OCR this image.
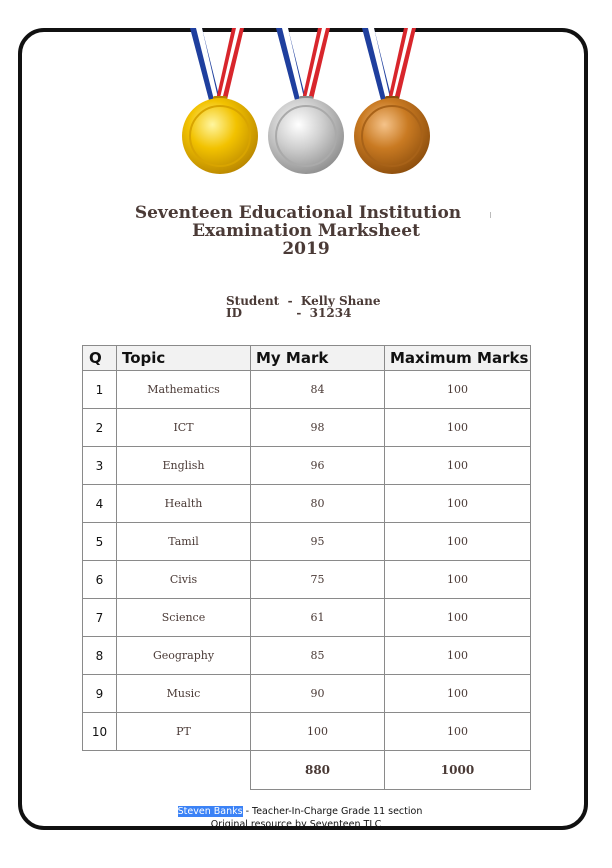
Seventeen Educational Institution
Examination Marksheet
2019
Student  -  Kelly Shane
ID             -  31234
Q	Topic	My Mark	Maximum Marks
1	Mathematics	84	100
2	ICT	98	100
3	English	96	100
4	Health	80	100
5	Tamil	95	100
6	Civis	75	100
7	Science	61	100
8	Geography	85	100
9	Music	90	100
10	PT	100	100
		880	1000
Steven Banks - Teacher-In-Charge Grade 11 section
Original resource by Seventeen TLC
